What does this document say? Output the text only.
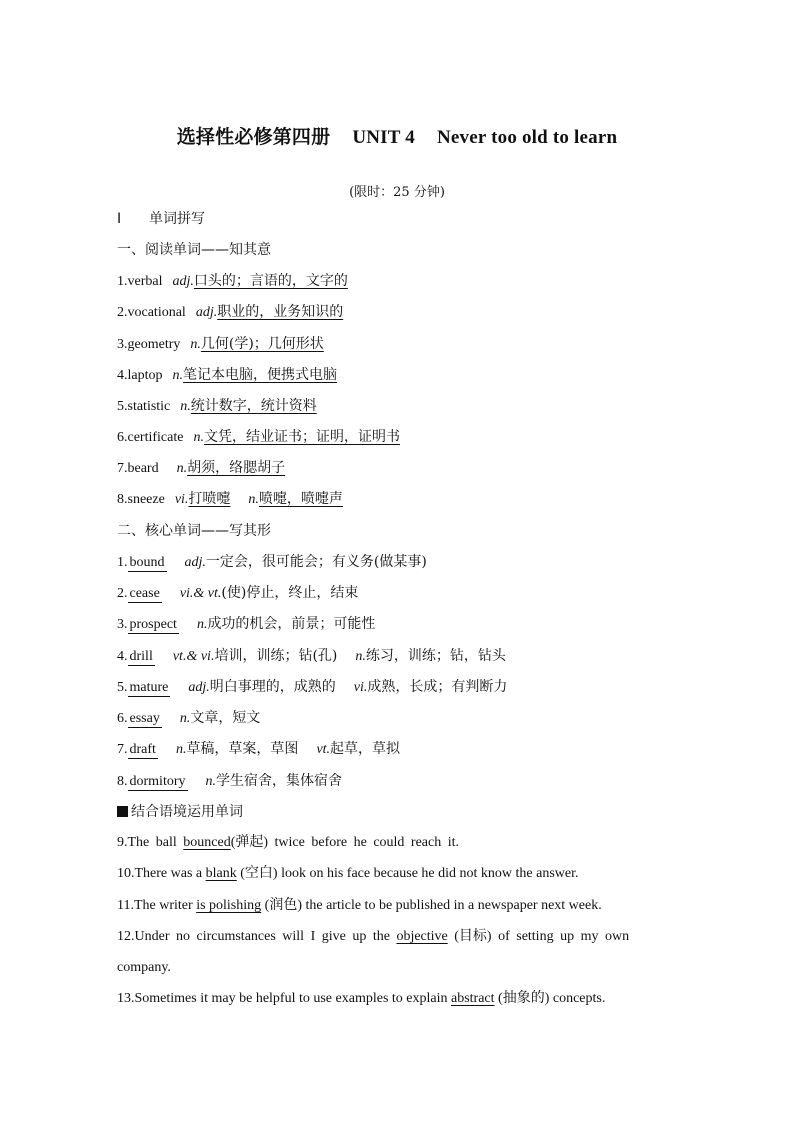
选择性必修第四册 UNIT 4 Never too old to learn
(限时：25 分钟)
Ⅰ 单词拼写
一、阅读单词——知其意
1.verbal adj.口头的；言语的，文字的
2.vocational adj.职业的，业务知识的
3.geometry n.几何(学)；几何形状
4.laptop n.笔记本电脑，便携式电脑
5.statistic n.统计数字，统计资料
6.certificate n.文凭，结业证书；证明，证明书
7.beard n.胡须，络腮胡子
8.sneeze vi.打喷嚏 n.喷嚏，喷嚏声
二、核心单词——写其形
1. bound adj.一定会，很可能会；有义务(做某事)
2. cease vi.& vt.(使)停止，终止，结束
3. prospect n.成功的机会，前景；可能性
4. drill vt.& vi.培训，训练；钻(孔) n.练习，训练；钻，钻头
5. mature adj.明白事理的，成熟的 vi.成熟，长成；有判断力
6. essay n.文章，短文
7. draft n.草稿，草案，草图 vt.起草，草拟
8. dormitory n.学生宿舍，集体宿舍
结合语境运用单词
9.The ball bounced(弹起) twice before he could reach it.
10.There was a blank (空白) look on his face because he did not know the answer.
11.The writer is polishing (润色) the article to be published in a newspaper next week.
12.Under no circumstances will I give up the objective (目标) of setting up my own
company.
13.Sometimes it may be helpful to use examples to explain abstract (抽象的) concepts.
